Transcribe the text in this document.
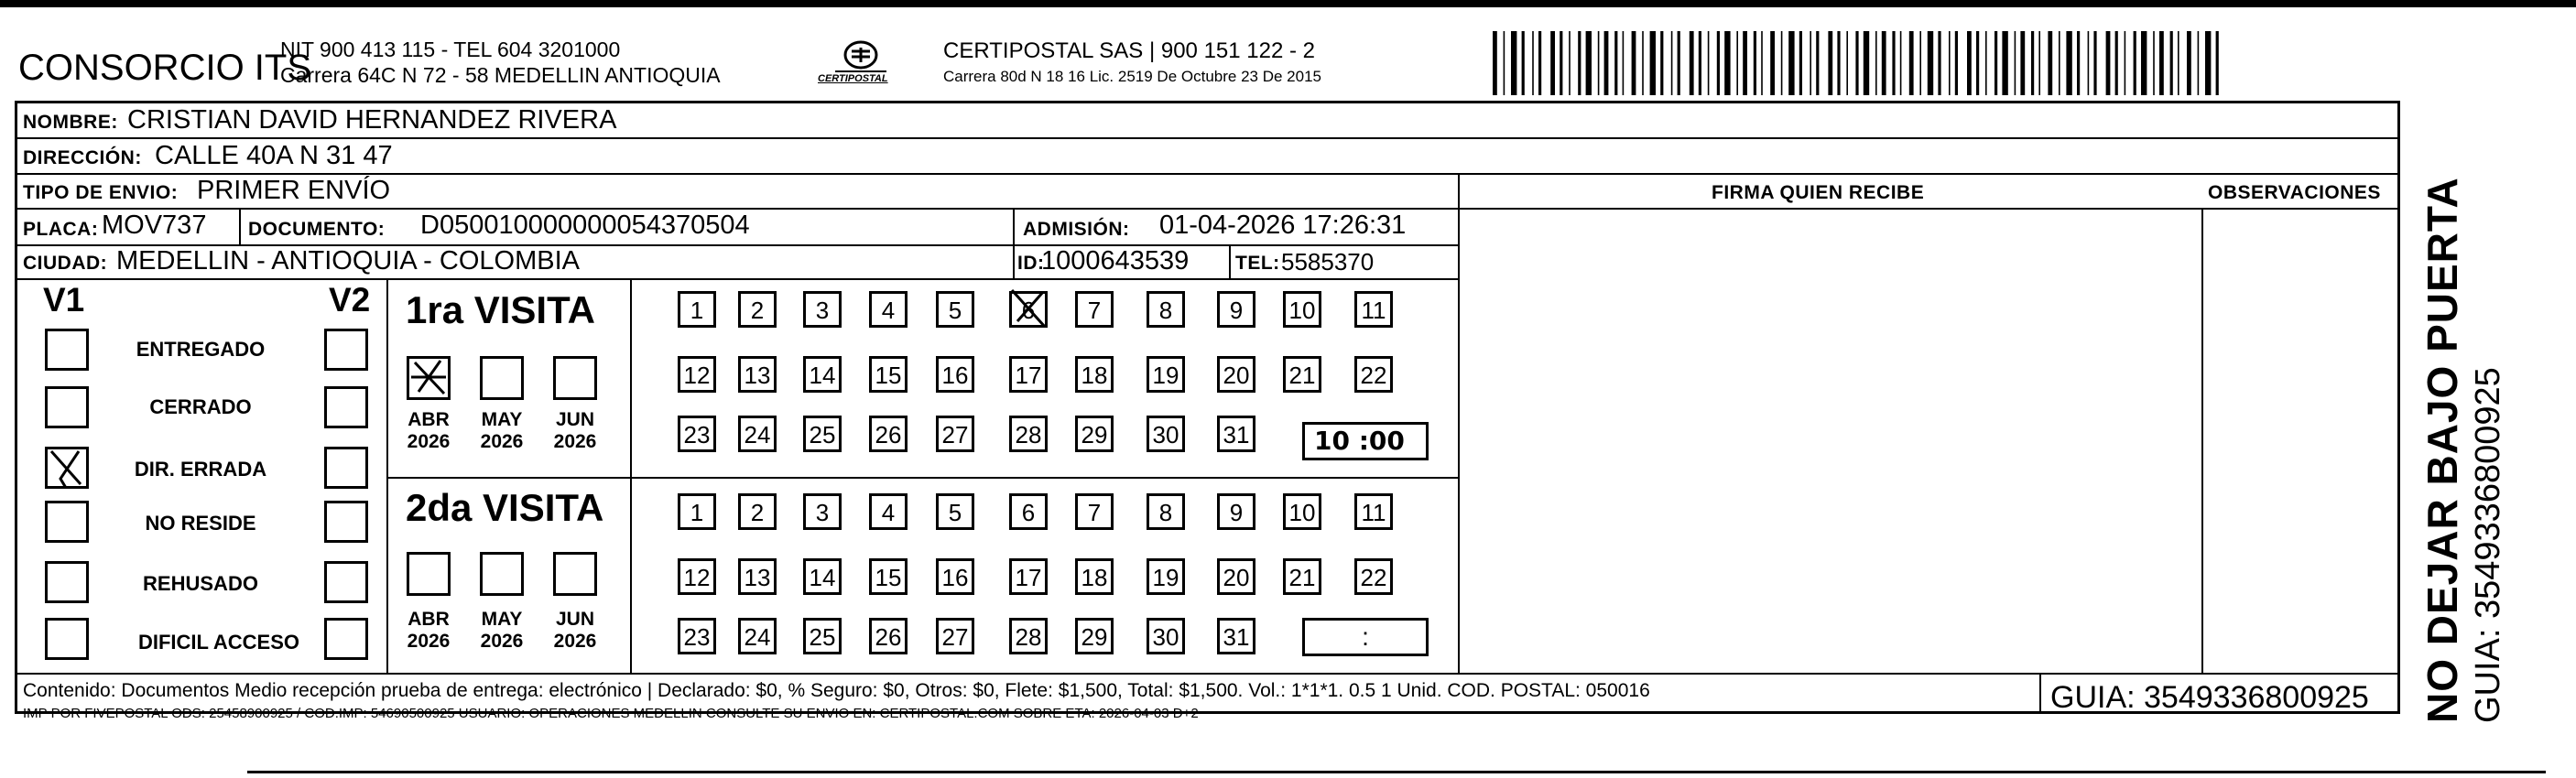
CONSORCIO ITS
NIT 900 413 115 - TEL 604 3201000
Carrera 64C N 72 - 58 MEDELLIN ANTIOQUIA	CERTIPOSTAL
CERTIPOSTAL SAS | 900 151 122 - 2
Carrera 80d N 18 16 Lic. 2519 De Octubre 23 De 2015
NOMBRE: CRISTIAN DAVID HERNANDEZ RIVERA
DIRECCIÓN: CALLE 40A N 31 47
TIPO DE ENVIO: PRIMER ENVÍO	FIRMA QUIEN RECIBE	OBSERVACIONES
PLACA: MOV737 DOCUMENTO: D050010000000054370504	ADMISIÓN: 01-04-2026 17:26:31
CIUDAD: MEDELLIN - ANTIOQUIA - COLOMBIA	ID:
1000643539 TEL: 5585370
V1	V2
ENTREGADO
CERRADO
DIR. ERRADA
NO RESIDE
REHUSADO
DIFICIL ACCESO
1ra VISITA
ABR
2026
MAY
2026
JUN
2026
2da VISITA
ABR
2026
MAY
2026
JUN
2026
1	2	3	4	5	6	7	8	9	10 11
12 13 14 15 16 17 18 19 20 21 22
23 24 25 26 27 28 29 30 31
1	2	3	4	5	6	7	8	9	10 11
12 13 14 15 16 17 18 19 20 21 22
23 24 25 26 27 28 29 30 31
10 :00
:
Contenido: Documentos Medio recepción prueba de entrega: electrónico | Declarado: $0, % Seguro: $0, Otros: $0, Flete: $1,500, Total: $1,500. Vol.: 1*1*1. 0.5 1 Unid. COD. POSTAL: 050016
IMP POR FIVEPOSTAL ODS: 25458900925 / COD.IMP: 54690500925 USUARIO: OPERACIONES MEDELLIN CONSULTE SU ENVIO EN: CERTIPOSTAL.COM SOBRE ETA: 2026-04-03 D+2	GUIA: 3549336800925 NO DEJAR BAJO PUERTA GUIA: 3549336800925
